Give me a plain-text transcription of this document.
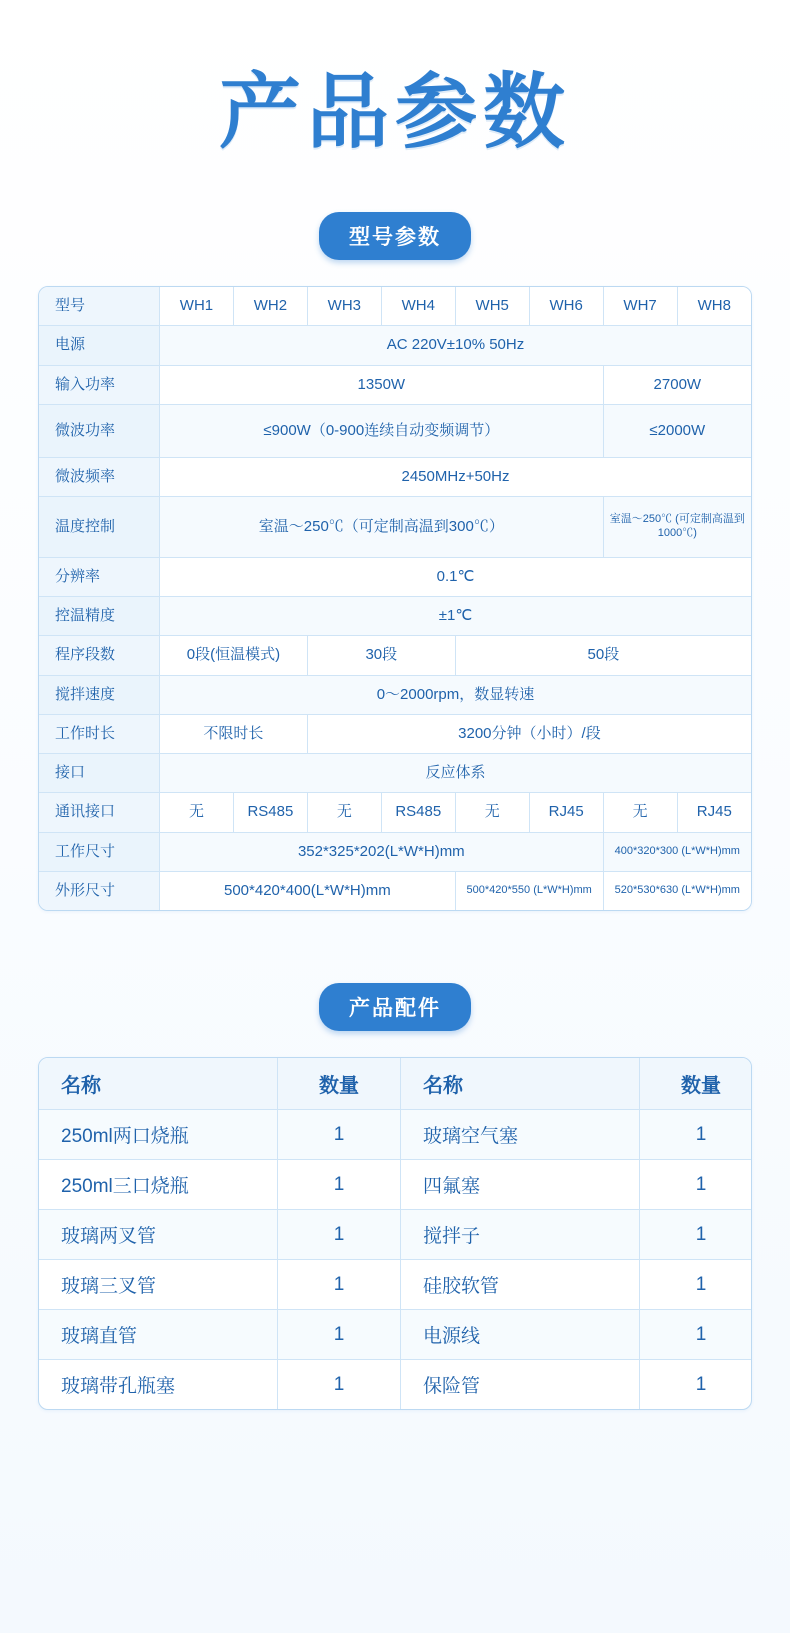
产品参数
型号参数
型号	WH1	WH2	WH3	WH4	WH5	WH6	WH7	WH8
电源	AC 220V±10% 50Hz							
输入功率	1350W						2700W	
微波功率	≤900W（0-900连续自动变频调节）						≤2000W	
微波频率	2450MHz+50Hz							
温度控制	室温～250℃（可定制高温到300℃）						室温～250℃ (可定制高温到1000℃)	

分辨率	0.1℃							
控温精度	±1℃							
程序段数	0段(恒温模式)		30段		50段			
搅拌速度	0～2000rpm，数显转速							
工作时长	不限时长		3200分钟（小时）/段					
接口	反应体系							
通讯接口	无	RS485	无	RS485	无	RJ45	无	RJ45
工作尺寸	352*325*202(L*W*H)mm						400*320*300 (L*W*H)mm	

外形尺寸	500*420*400(L*W*H)mm				500*420*550 (L*W*H)mm		520*530*630 (L*W*H)mm	
产品配件
名称	数量	名称	数量
250ml两口烧瓶	1	玻璃空气塞	1
250ml三口烧瓶	1	四氟塞	1
玻璃两叉管	1	搅拌子	1
玻璃三叉管	1	硅胶软管	1
玻璃直管	1	电源线	1
玻璃带孔瓶塞	1	保险管	1
